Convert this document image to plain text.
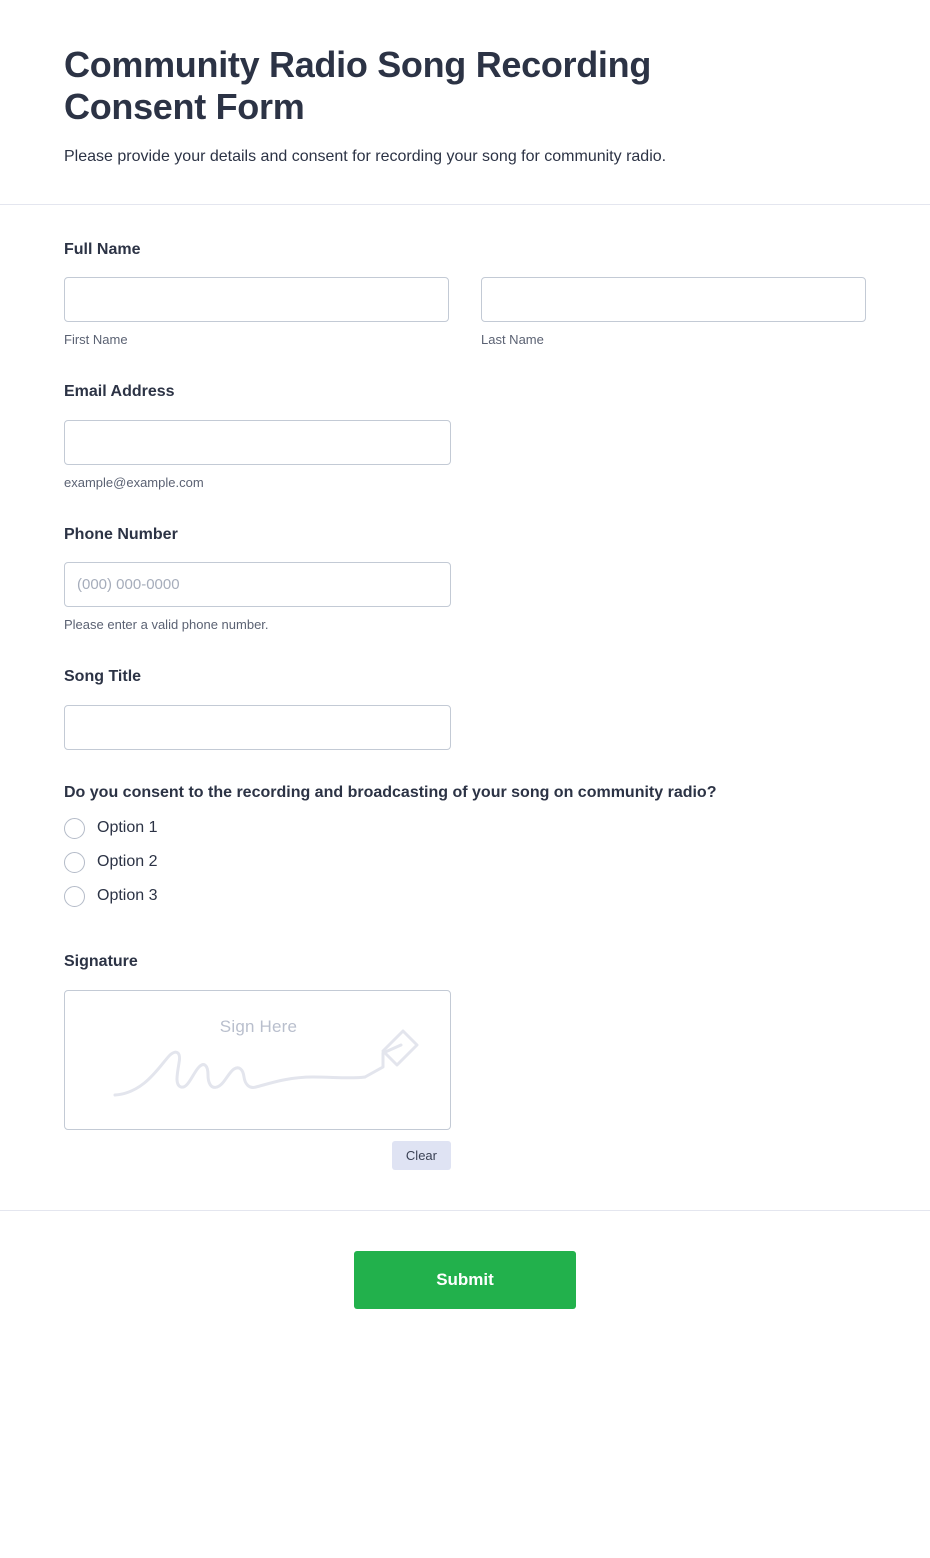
Community Radio Song Recording Consent Form

Please provide your details and consent for recording your song for community radio.

Full Name
First Name	Last Name
Email Address
example@example.com
Phone Number
(000) 000-0000
Please enter a valid phone number.
Song Title
Do you consent to the recording and broadcasting of your song on community radio?
Option 1
Option 2
Option 3
Signature
Sign Here
Clear
Submit
